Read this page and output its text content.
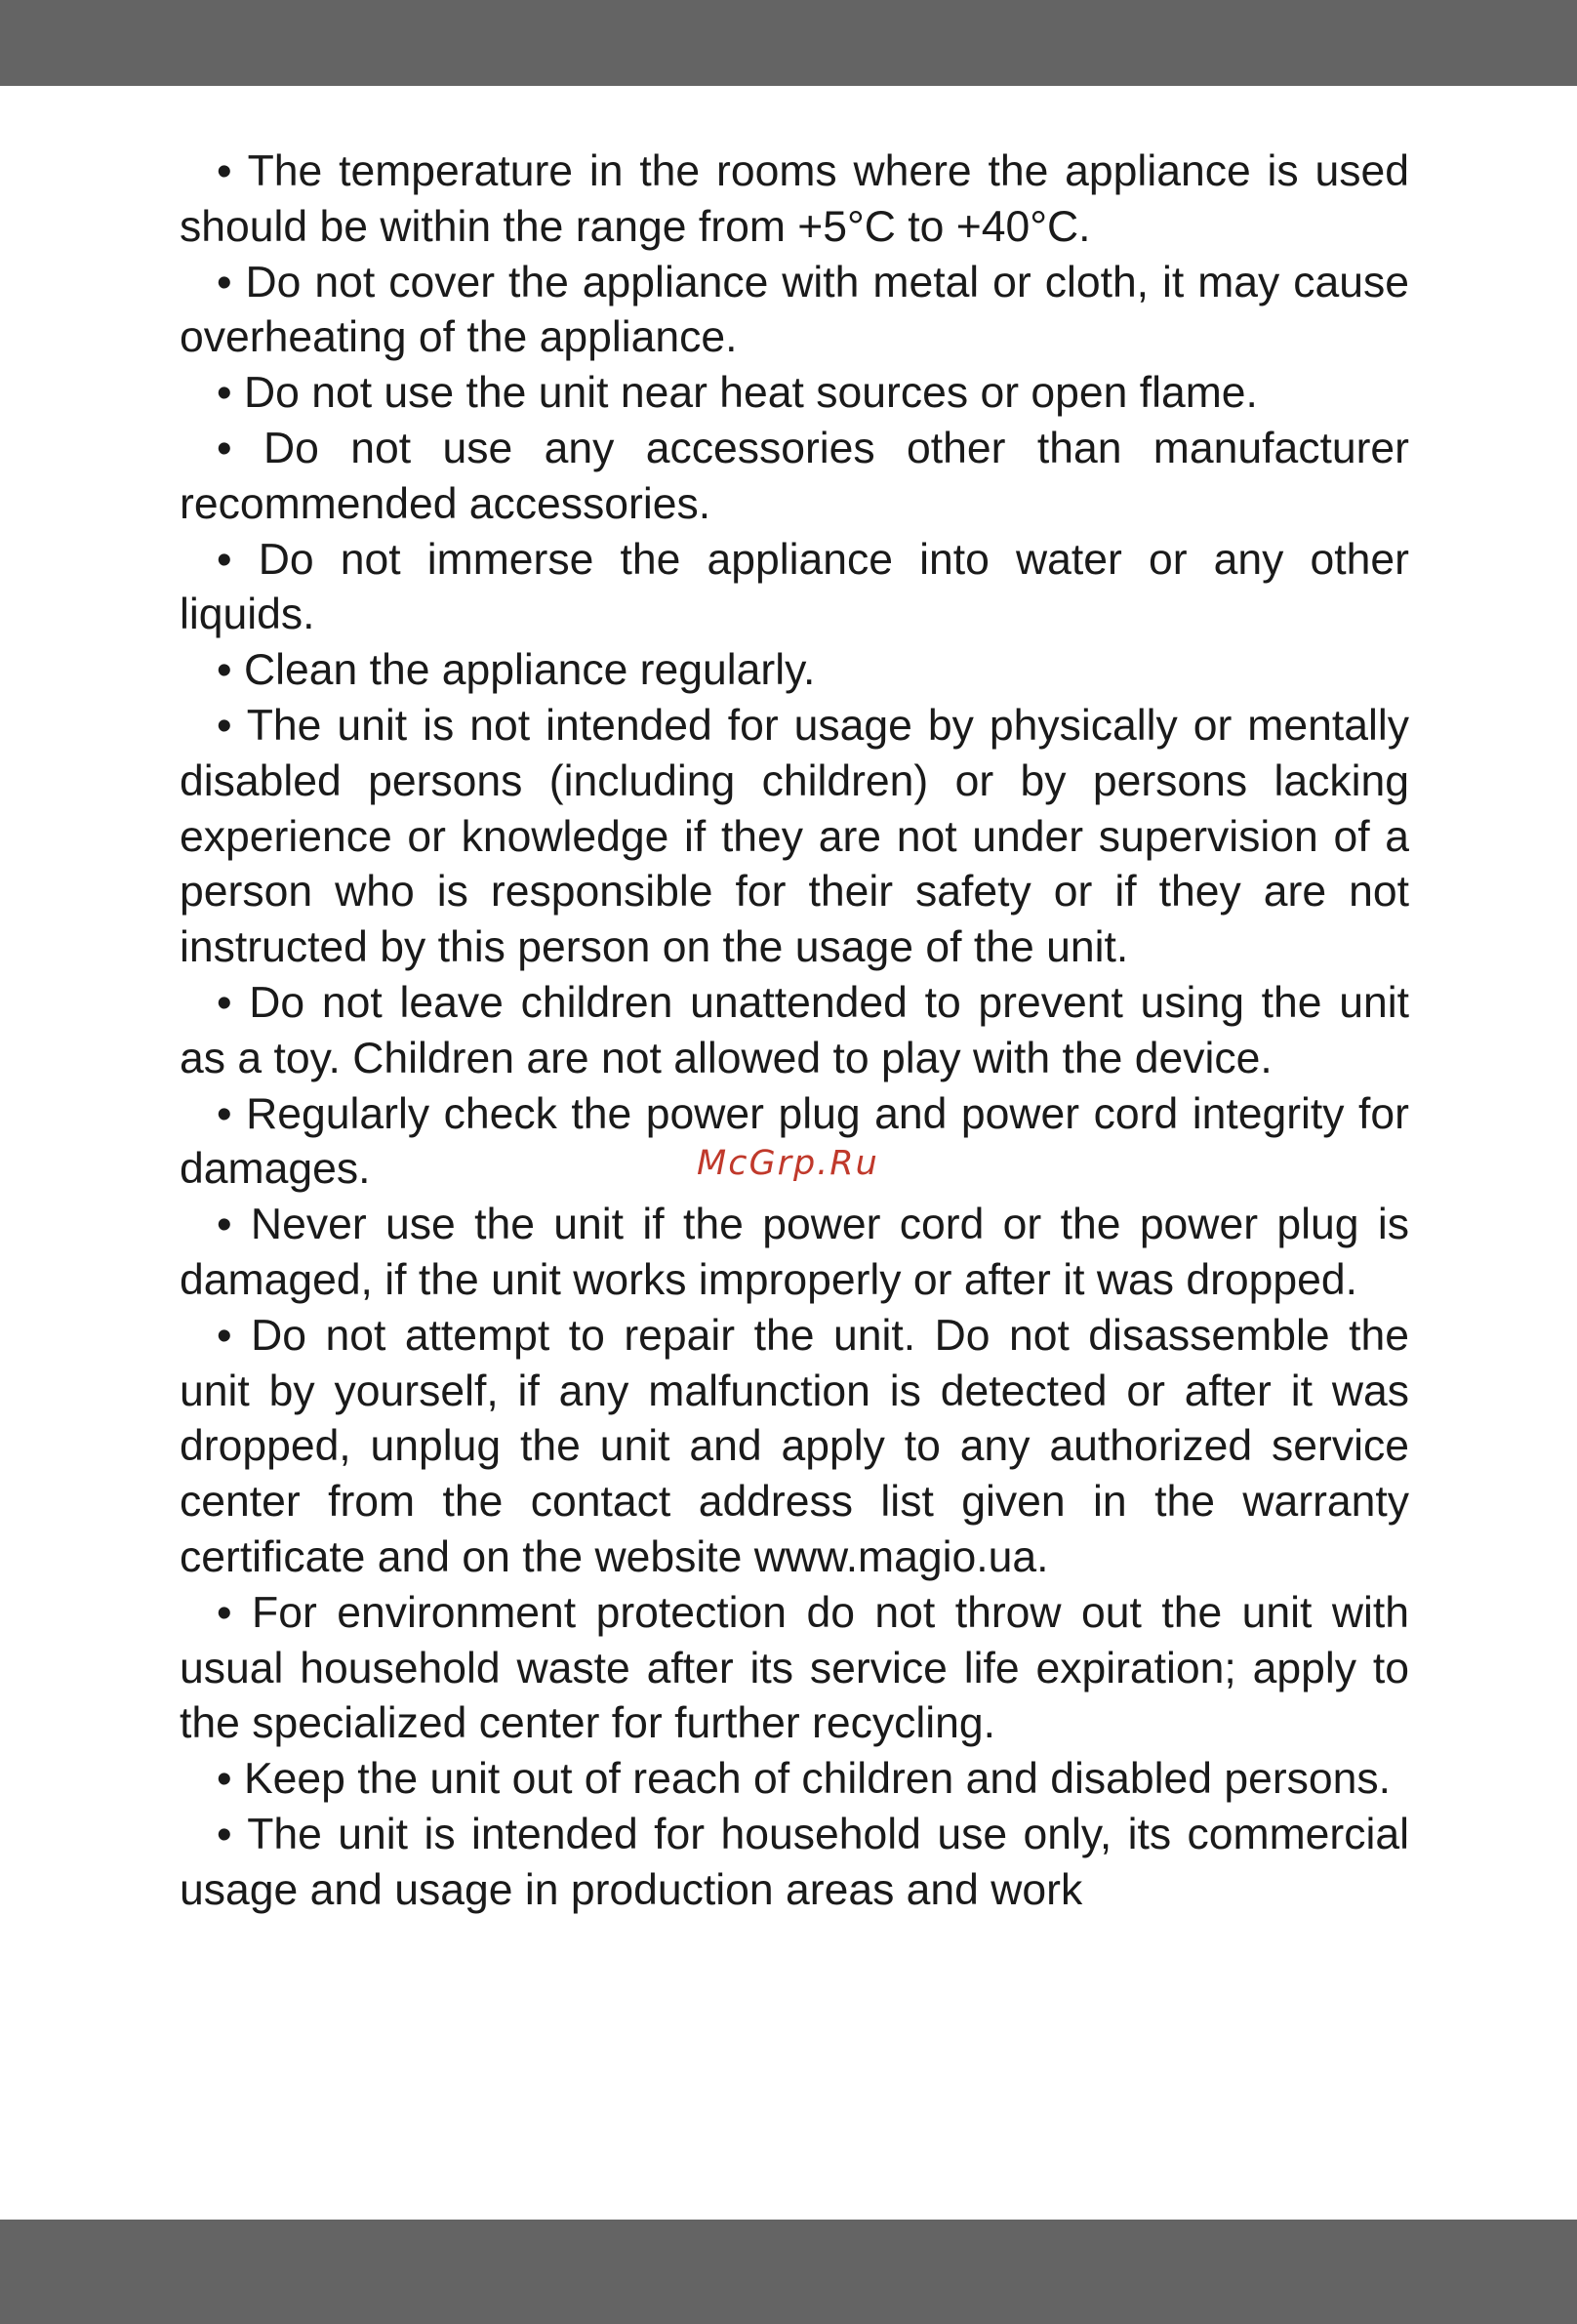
• The temperature in the rooms where the appliance is used should be within the range from +5°C to +40°C.

• Do not cover the appliance with metal or cloth, it may cause overheating of the appliance.

• Do not use the unit near heat sources or open flame.

• Do not use any accessories other than manufacturer recommended accessories.

• Do not immerse the appliance into water or any other liquids.

• Clean the appliance regularly.

• The unit is not intended for usage by physically or mentally disabled persons (including children) or by persons lacking experience or knowledge if they are not under supervision of a person who is responsible for their safety or if they are not instructed by this person on the usage of the unit.

• Do not leave children unattended to prevent using the unit as a toy. Children are not allowed to play with the device.

• Regularly check the power plug and power cord integrity for damages.

• Never use the unit if the power cord or the power plug is damaged, if the unit works improperly or after it was dropped.

• Do not attempt to repair the unit. Do not disassemble the unit by yourself, if any malfunction is detected or after it was dropped, unplug the unit and apply to any authorized service center from the contact address list given in the warranty certificate and on the website www.magio.ua.

• For environment protection do not throw out the unit with usual household waste after its service life expiration; apply to the specialized center for further recycling.

• Keep the unit out of reach of children and disabled persons.

• The unit is intended for household use only, its commercial usage and usage in production areas and work

McGrp.Ru
